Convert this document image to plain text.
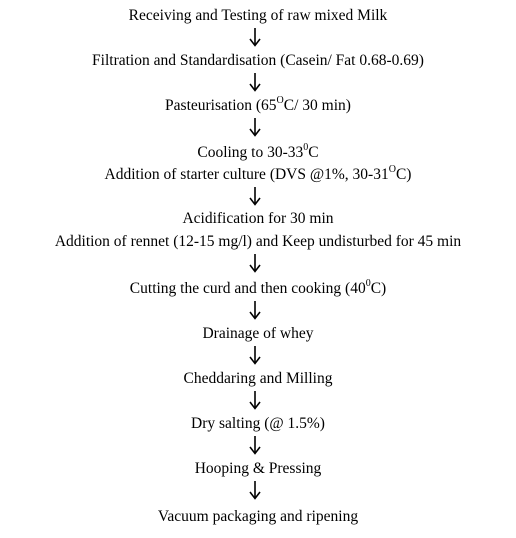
Receiving and Testing of raw mixed Milk
Filtration and Standardisation (Casein/ Fat 0.68-0.69)
Pasteurisation ($65^OC/$ 30 min)
Cooling to $30-33^0C$
Addition of starter culture (DVS @1%, $30-31^OC$)
Acidification for 30 min
Addition of rennet (12-15 mg/l) and Keep undisturbed for 45 min
Cutting the curd and then cooking $(40^0C)$
Drainage of whey
Cheddaring and Milling
Dry salting (@ 1.5%)
Hooping & Pressing
Vacuum packaging and ripening
